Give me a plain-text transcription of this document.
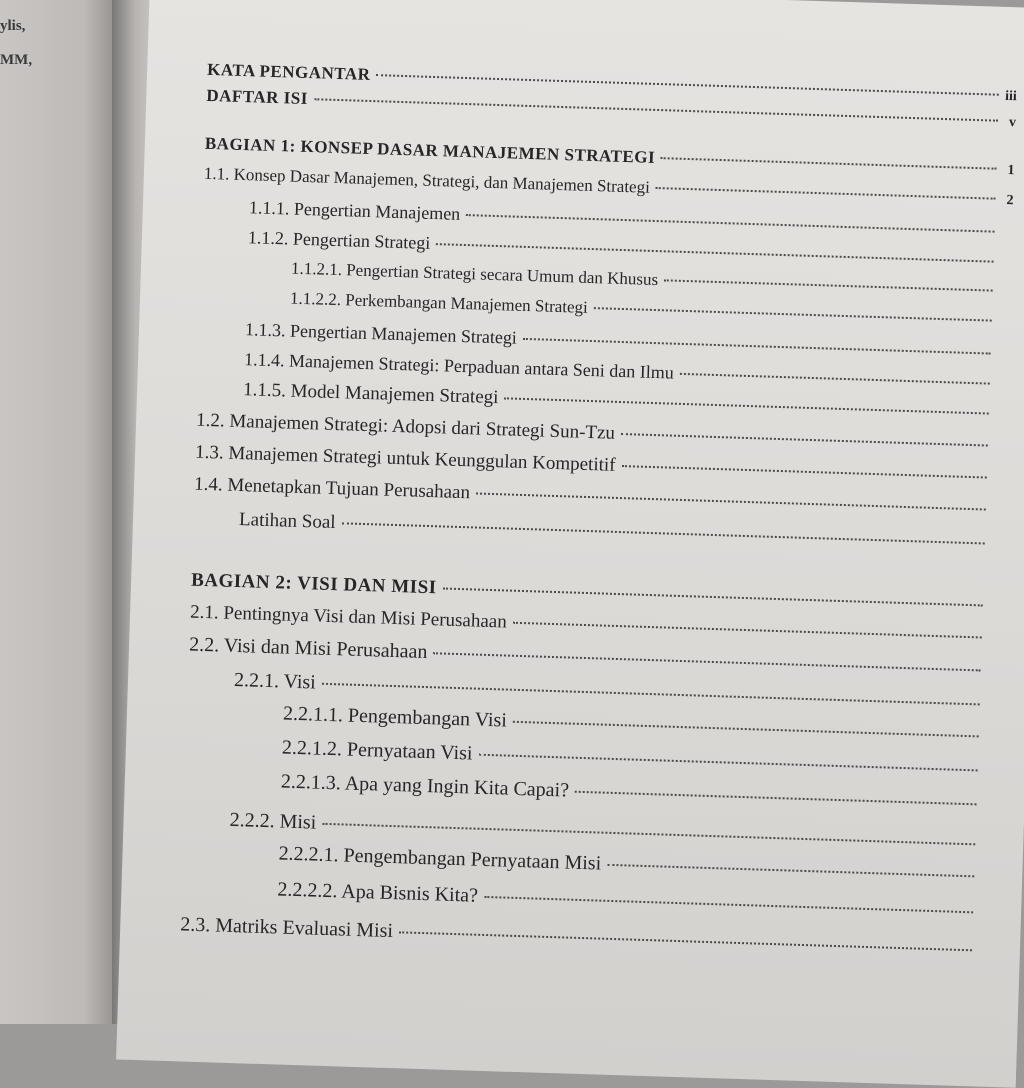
ylis,
MM,	KATA PENGANTAR
iii
DAFTAR ISI
v
BAGIAN 1: KONSEP DASAR MANAJEMEN STRATEGI
1
1.1. Konsep Dasar Manajemen, Strategi, dan Manajemen Strategi
2
1.1.1. Pengertian Manajemen
1.1.2. Pengertian Strategi
1.1.2.1. Pengertian Strategi secara Umum dan Khusus
1.1.2.2. Perkembangan Manajemen Strategi
1.1.3. Pengertian Manajemen Strategi
1.1.4. Manajemen Strategi: Perpaduan antara Seni dan Ilmu
1.1.5. Model Manajemen Strategi
1.2. Manajemen Strategi: Adopsi dari Strategi Sun-Tzu
1.3. Manajemen Strategi untuk Keunggulan Kompetitif
1.4. Menetapkan Tujuan Perusahaan
Latihan Soal
BAGIAN 2: VISI DAN MISI
2.1. Pentingnya Visi dan Misi Perusahaan
2.2. Visi dan Misi Perusahaan
2.2.1. Visi
2.2.1.1. Pengembangan Visi
2.2.1.2. Pernyataan Visi
2.2.1.3. Apa yang Ingin Kita Capai?
2.2.2. Misi
2.2.2.1. Pengembangan Pernyataan Misi
2.2.2.2. Apa Bisnis Kita?
2.3. Matriks Evaluasi Misi
